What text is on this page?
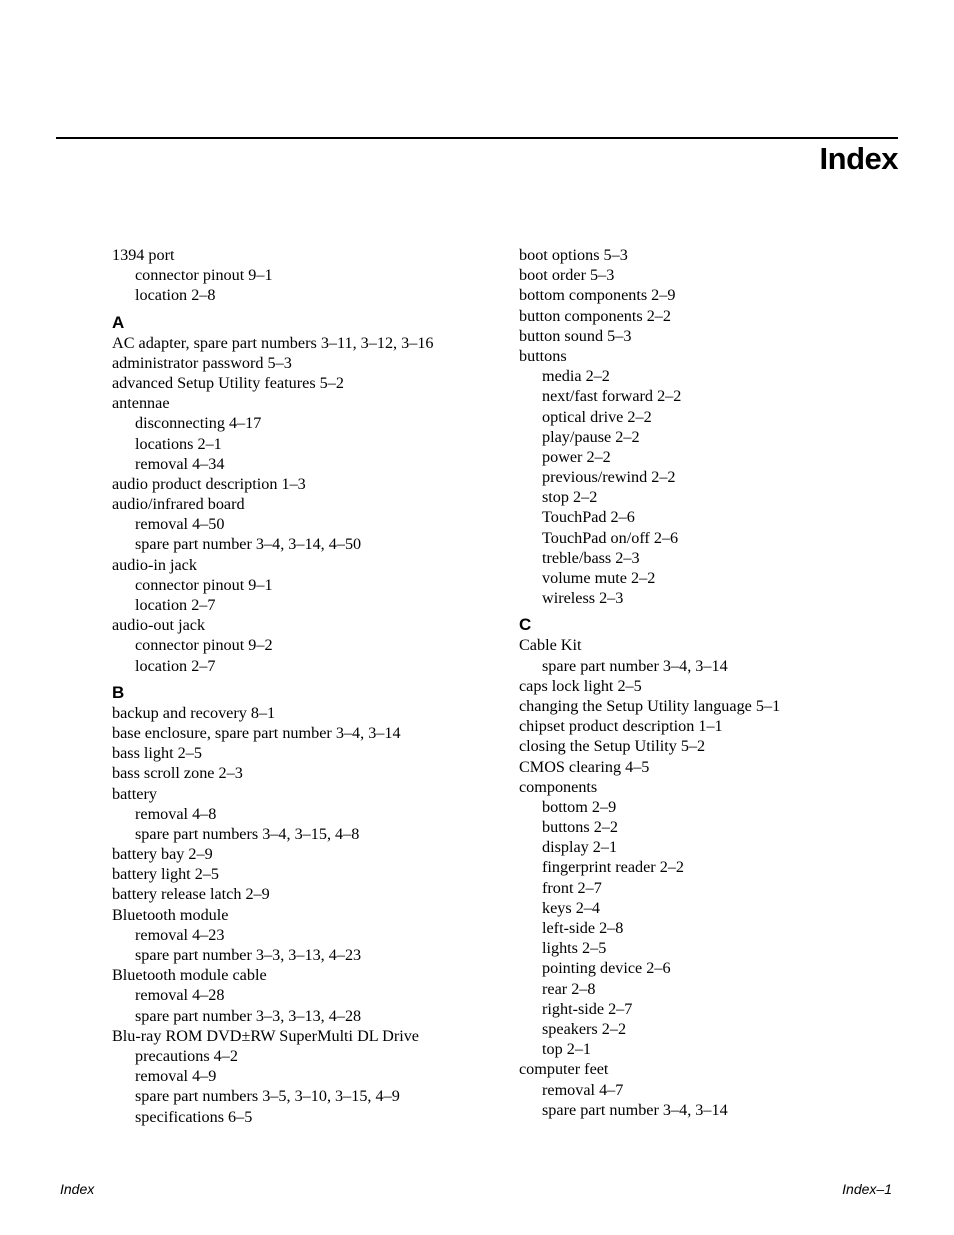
Index
1394 port
connector pinout 9–1
location 2–8
A
AC adapter, spare part numbers 3–11, 3–12, 3–16
administrator password 5–3
advanced Setup Utility features 5–2
antennae
disconnecting 4–17
locations 2–1
removal 4–34
audio product description 1–3
audio/infrared board
removal 4–50
spare part number 3–4, 3–14, 4–50
audio-in jack
connector pinout 9–1
location 2–7
audio-out jack
connector pinout 9–2
location 2–7
B
backup and recovery 8–1
base enclosure, spare part number 3–4, 3–14
bass light 2–5
bass scroll zone 2–3
battery
removal 4–8
spare part numbers 3–4, 3–15, 4–8
battery bay 2–9
battery light 2–5
battery release latch 2–9
Bluetooth module
removal 4–23
spare part number 3–3, 3–13, 4–23
Bluetooth module cable
removal 4–28
spare part number 3–3, 3–13, 4–28
Blu-ray ROM DVD±RW SuperMulti DL Drive
precautions 4–2
removal 4–9
spare part numbers 3–5, 3–10, 3–15, 4–9
specifications 6–5
boot options 5–3
boot order 5–3
bottom components 2–9
button components 2–2
button sound 5–3
buttons
media 2–2
next/fast forward 2–2
optical drive 2–2
play/pause 2–2
power 2–2
previous/rewind 2–2
stop 2–2
TouchPad 2–6
TouchPad on/off 2–6
treble/bass 2–3
volume mute 2–2
wireless 2–3
C
Cable Kit
spare part number 3–4, 3–14
caps lock light 2–5
changing the Setup Utility language 5–1
chipset product description 1–1
closing the Setup Utility 5–2
CMOS clearing 4–5
components
bottom 2–9
buttons 2–2
display 2–1
fingerprint reader 2–2
front 2–7
keys 2–4
left-side 2–8
lights 2–5
pointing device 2–6
rear 2–8
right-side 2–7
speakers 2–2
top 2–1
computer feet
removal 4–7
spare part number 3–4, 3–14
Index	Index–1
